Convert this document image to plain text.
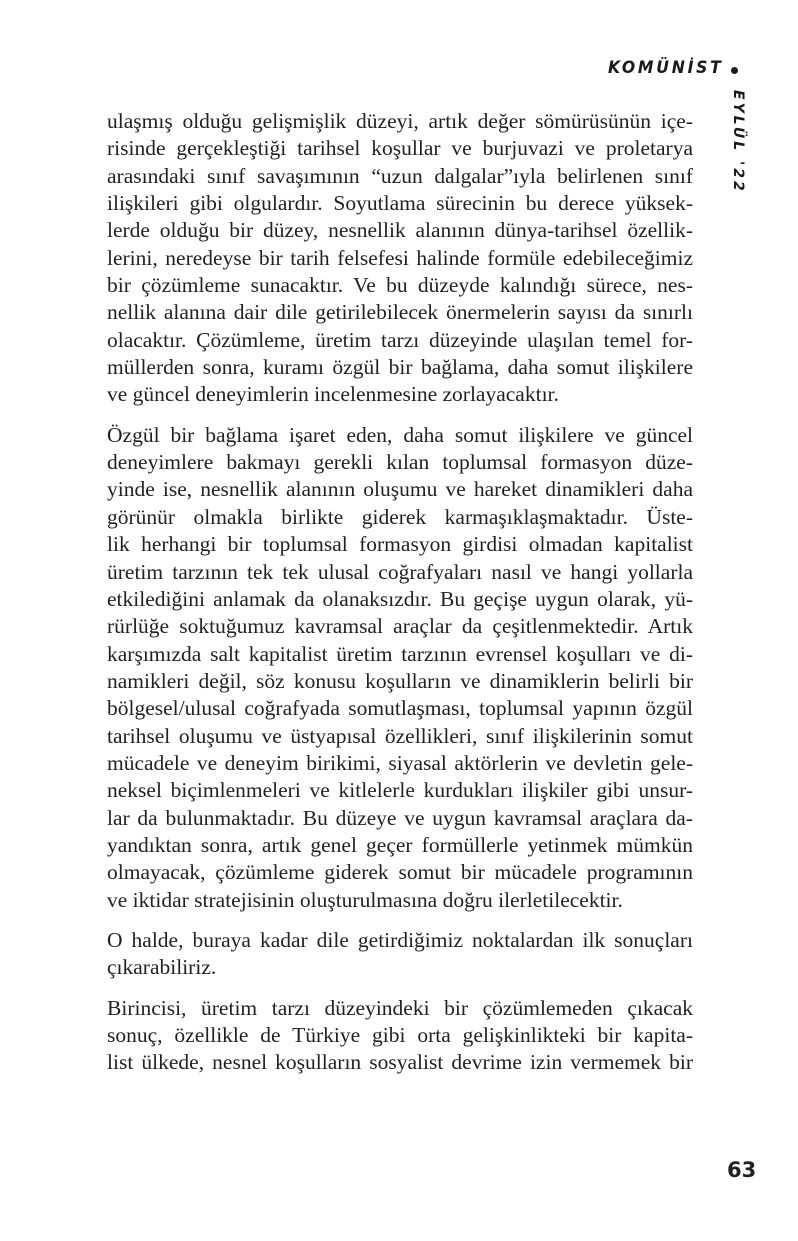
KOMÜNİST
EYLÜL '22

ulaşmış olduğu gelişmişlik düzeyi, artık değer sömürüsünün içe-
risinde gerçekleştiği tarihsel koşullar ve burjuvazi ve proletarya
arasındaki sınıf savaşımının “uzun dalgalar”ıyla belirlenen sınıf
ilişkileri gibi olgulardır. Soyutlama sürecinin bu derece yüksek-
lerde olduğu bir düzey, nesnellik alanının dünya-tarihsel özellik-
lerini, neredeyse bir tarih felsefesi halinde formüle edebileceğimiz
bir çözümleme sunacaktır. Ve bu düzeyde kalındığı sürece, nes-
nellik alanına dair dile getirilebilecek önermelerin sayısı da sınırlı
olacaktır. Çözümleme, üretim tarzı düzeyinde ulaşılan temel for-
müllerden sonra, kuramı özgül bir bağlama, daha somut ilişkilere
ve güncel deneyimlerin incelenmesine zorlayacaktır.

Özgül bir bağlama işaret eden, daha somut ilişkilere ve güncel
deneyimlere bakmayı gerekli kılan toplumsal formasyon düze-
yinde ise, nesnellik alanının oluşumu ve hareket dinamikleri daha
görünür olmakla birlikte giderek karmaşıklaşmaktadır. Üste-
lik herhangi bir toplumsal formasyon girdisi olmadan kapitalist
üretim tarzının tek tek ulusal coğrafyaları nasıl ve hangi yollarla
etkilediğini anlamak da olanaksızdır. Bu geçişe uygun olarak, yü-
rürlüğe soktuğumuz kavramsal araçlar da çeşitlenmektedir. Artık
karşımızda salt kapitalist üretim tarzının evrensel koşulları ve di-
namikleri değil, söz konusu koşulların ve dinamiklerin belirli bir
bölgesel/ulusal coğrafyada somutlaşması, toplumsal yapının özgül
tarihsel oluşumu ve üstyapısal özellikleri, sınıf ilişkilerinin somut
mücadele ve deneyim birikimi, siyasal aktörlerin ve devletin gele-
neksel biçimlenmeleri ve kitlelerle kurdukları ilişkiler gibi unsur-
lar da bulunmaktadır. Bu düzeye ve uygun kavramsal araçlara da-
yandıktan sonra, artık genel geçer formüllerle yetinmek mümkün
olmayacak, çözümleme giderek somut bir mücadele programının
ve iktidar stratejisinin oluşturulmasına doğru ilerletilecektir.

O halde, buraya kadar dile getirdiğimiz noktalardan ilk sonuçları
çıkarabiliriz.

Birincisi, üretim tarzı düzeyindeki bir çözümlemeden çıkacak
sonuç, özellikle de Türkiye gibi orta gelişkinlikteki bir kapita-
list ülkede, nesnel koşulların sosyalist devrime izin vermemek bir

63
